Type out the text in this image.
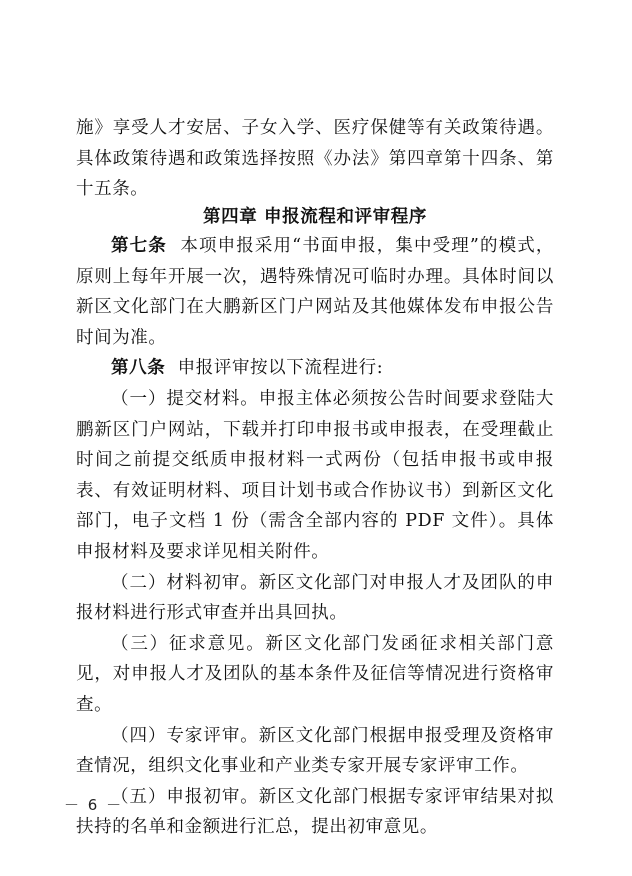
施》享受人才安居、子女入学、医疗保健等有关政策待遇。具体政策待遇和政策选择按照《办法》第四章第十四条、第十五条。

第四章 申报流程和评审程序

第七条 本项申报采用“书面申报，集中受理”的模式，原则上每年开展一次，遇特殊情况可临时办理。具体时间以新区文化部门在大鹏新区门户网站及其他媒体发布申报公告时间为准。

第八条 申报评审按以下流程进行:

（一）提交材料。申报主体必须按公告时间要求登陆大鹏新区门户网站，下载并打印申报书或申报表，在受理截止时间之前提交纸质申报材料一式两份（包括申报书或申报表、有效证明材料、项目计划书或合作协议书）到新区文化部门，电子文档 1 份（需含全部内容的 PDF 文件）。具体申报材料及要求详见相关附件。

（二）材料初审。新区文化部门对申报人才及团队的申报材料进行形式审查并出具回执。

（三）征求意见。新区文化部门发函征求相关部门意见，对申报人才及团队的基本条件及征信等情况进行资格审查。

（四）专家评审。新区文化部门根据申报受理及资格审查情况，组织文化事业和产业类专家开展专家评审工作。

（五）申报初审。新区文化部门根据专家评审结果对拟扶持的名单和金额进行汇总，提出初审意见。

－ 6 －
